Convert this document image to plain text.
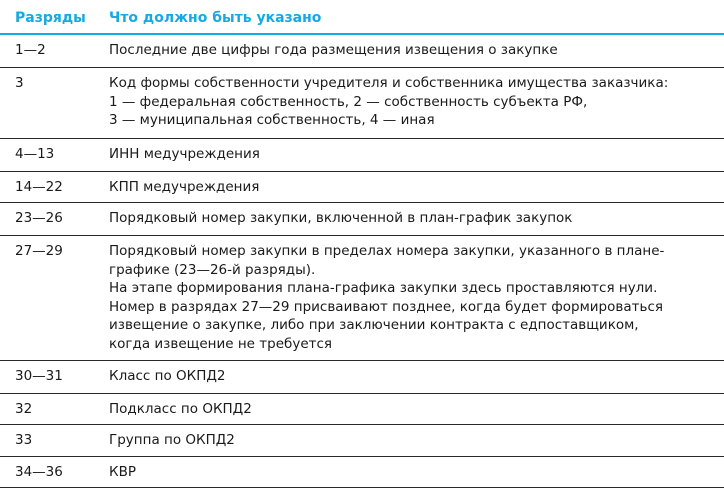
Разряды	Что должно быть указано
1—2	Последние две цифры года размещения извещения о закупке
3	Код формы собственности учредителя и собственника имущества заказчика:
1 — федеральная собственность, 2 — собственность субъекта РФ,
3 — муниципальная собственность, 4 — иная
4—13	ИНН медучреждения
14—22	КПП медучреждения
23—26	Порядковый номер закупки, включенной в план-график закупок
27—29	Порядковый номер закупки в пределах номера закупки, указанного в плане-
графике (23—26-й разряды).
На этапе формирования плана-графика закупки здесь проставляются нули.
Номер в разрядах 27—29 присваивают позднее, когда будет формироваться
извещение о закупке, либо при заключении контракта с едпоставщиком,
когда извещение не требуется
30—31	Класс по ОКПД2
32	Подкласс по ОКПД2
33	Группа по ОКПД2
34—36	КВР
